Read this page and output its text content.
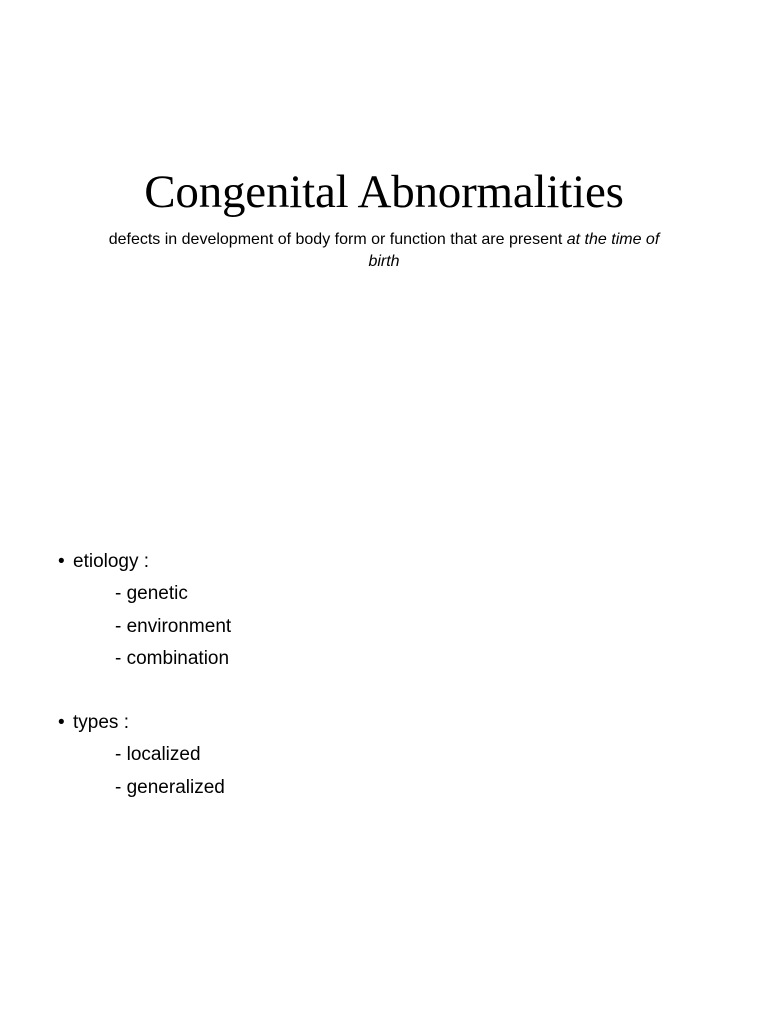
Congenital Abnormalities

defects in development of body form or function that are present at the time of birth

• etiology :
- genetic
- environment
- combination
• types :
- localized
- generalized
